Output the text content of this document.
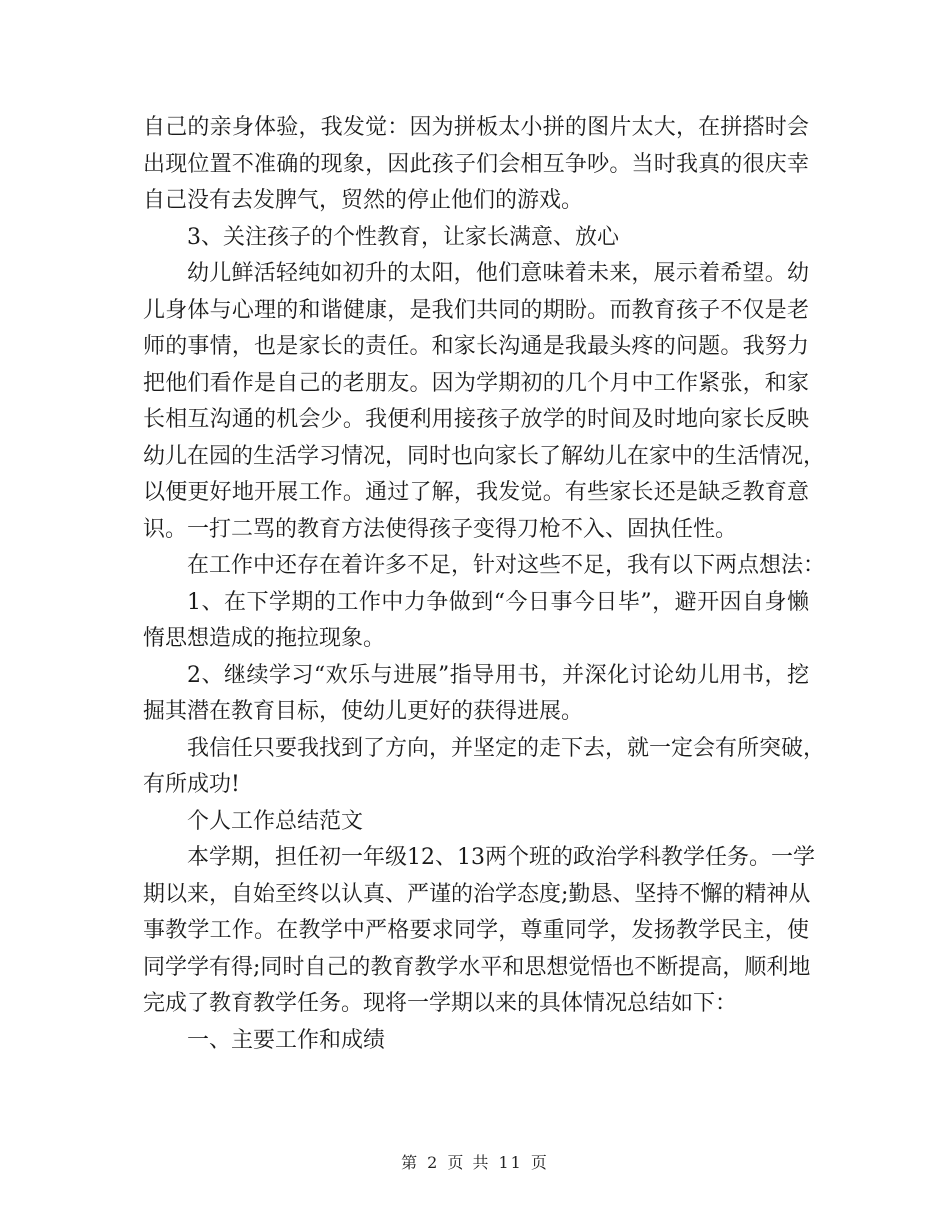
自己的亲身体验，我发觉：因为拼板太小拼的图片太大，在拼搭时会
出现位置不准确的现象，因此孩子们会相互争吵。当时我真的很庆幸
自己没有去发脾气，贸然的停止他们的游戏。
3、关注孩子的个性教育，让家长满意、放心
幼儿鲜活轻纯如初升的太阳，他们意味着未来，展示着希望。幼
儿身体与心理的和谐健康，是我们共同的期盼。而教育孩子不仅是老
师的事情，也是家长的责任。和家长沟通是我最头疼的问题。我努力
把他们看作是自己的老朋友。因为学期初的几个月中工作紧张，和家
长相互沟通的机会少。我便利用接孩子放学的时间及时地向家长反映
幼儿在园的生活学习情况，同时也向家长了解幼儿在家中的生活情况，
以便更好地开展工作。通过了解，我发觉。有些家长还是缺乏教育意
识。一打二骂的教育方法使得孩子变得刀枪不入、固执任性。
在工作中还存在着许多不足，针对这些不足，我有以下两点想法：
1、在下学期的工作中力争做到“今日事今日毕”，避开因自身懒
惰思想造成的拖拉现象。
2、继续学习“欢乐与进展”指导用书，并深化讨论幼儿用书，挖
掘其潜在教育目标，使幼儿更好的获得进展。
我信任只要我找到了方向，并坚定的走下去，就一定会有所突破，
有所成功!
个人工作总结范文
本学期，担任初一年级12、13两个班的政治学科教学任务。一学
期以来，自始至终以认真、严谨的治学态度;勤恳、坚持不懈的精神从
事教学工作。在教学中严格要求同学，尊重同学，发扬教学民主，使
同学学有得;同时自己的教育教学水平和思想觉悟也不断提高，顺利地
完成了教育教学任务。现将一学期以来的具体情况总结如下：
一、主要工作和成绩
第 2 页 共 11 页
